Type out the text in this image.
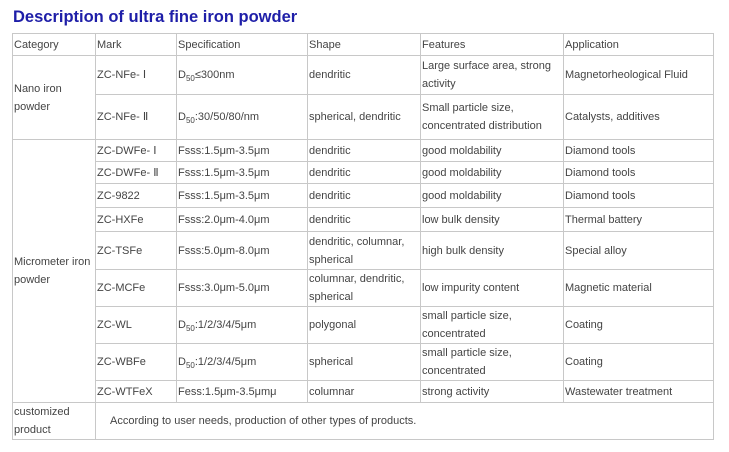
Description of ultra fine iron powder
Category	Mark	Specification	Shape	Features	Application
Nano iron powder	ZC-NFe- Ⅰ	$D_{50}\le 300nm$	dendritic	Large surface area, strong activity	Magnetorheological Fluid
	ZC-NFe- Ⅱ	$D_{50}:30/50/80/nm$	spherical, dendritic	Small particle size, concentrated distribution	Catalysts, additives
Micrometer iron powder	ZC-DWFe- Ⅰ	Fsss:1.5μm-3.5μm	dendritic	good moldability	Diamond tools
	ZC-DWFe- Ⅱ	Fsss:1.5μm-3.5μm	dendritic	good moldability	Diamond tools
	ZC-9822	Fsss:1.5μm-3.5μm	dendritic	good moldability	Diamond tools
	ZC-HXFe	Fsss:2.0μm-4.0μm	dendritic	low bulk density	Thermal battery
	ZC-TSFe	Fsss:5.0μm-8.0μm	dendritic, columnar, spherical	high bulk density	Special alloy
	ZC-MCFe	Fsss:3.0μm-5.0μm	columnar, dendritic, spherical	low impurity content	Magnetic material
	ZC-WL	$D_{50}:1/2/3/4/5\mu m$	polygonal	small particle size, concentrated	Coating
	ZC-WBFe	$D_{50}:1/2/3/4/5\mu m$	spherical	small particle size, concentrated	Coating
	ZC-WTFeX	Fess:1.5μm-3.5μmμ	columnar	strong activity	Wastewater treatment
customized product	According to user needs, production of other types of products.				
